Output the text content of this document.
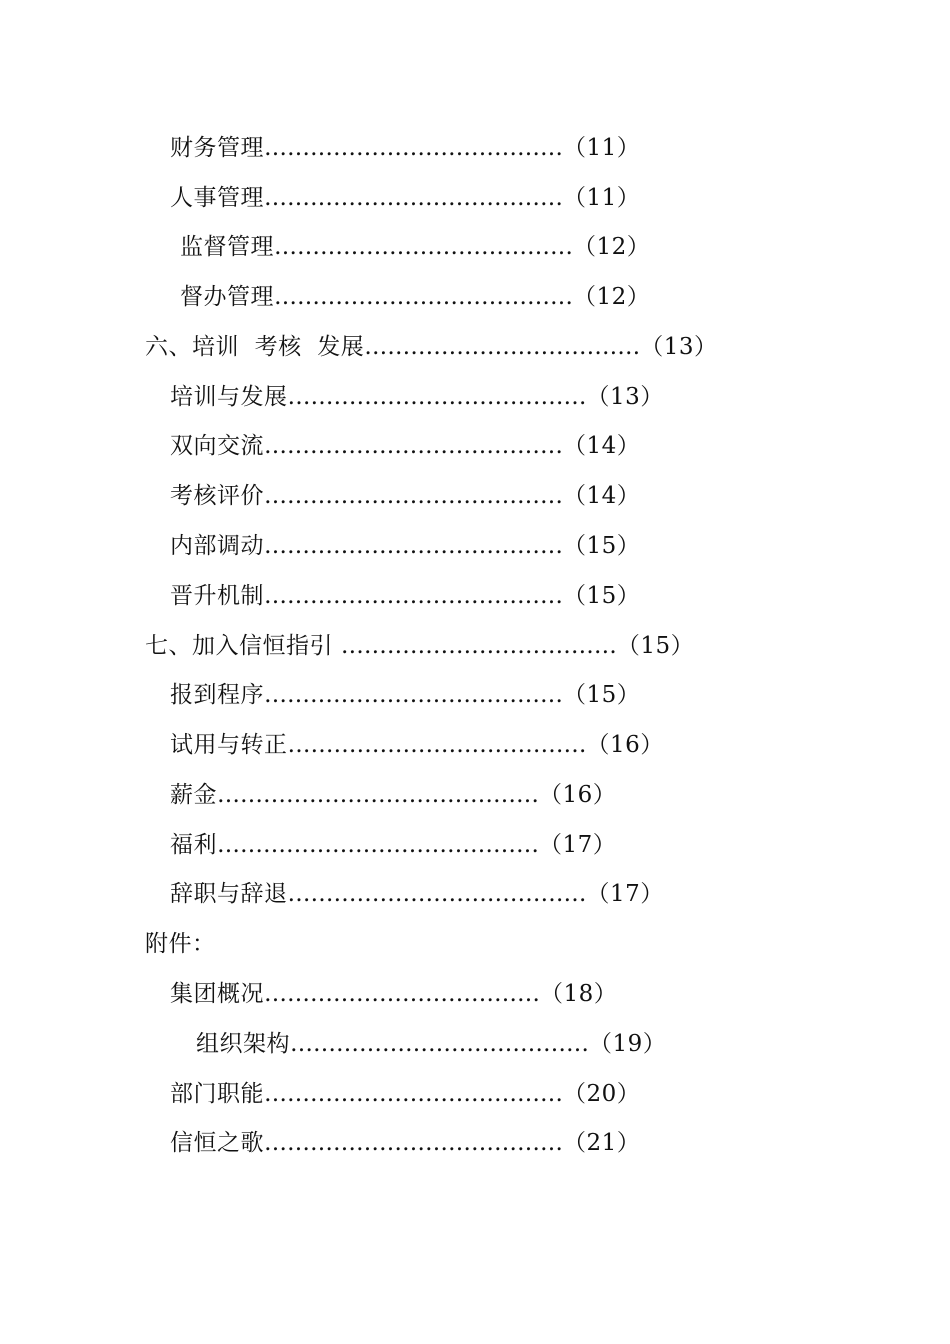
财务管理…………………………………（11）
人事管理…………………………………（11）
监督管理…………………………………（12）
督办管理…………………………………（12）
六、培训  考核  发展………………………………（13）
培训与发展…………………………………（13）
双向交流…………………………………（14）
考核评价…………………………………（14）
内部调动…………………………………（15）
晋升机制…………………………………（15）
七、加入信恒指引 ………………………………（15）
报到程序…………………………………（15）
试用与转正…………………………………（16）
薪金……………………………………（16）
福利……………………………………（17）
辞职与辞退…………………………………（17）
附件：
集团概况………………………………（18）
组织架构…………………………………（19）
部门职能…………………………………（20）
信恒之歌…………………………………（21）
